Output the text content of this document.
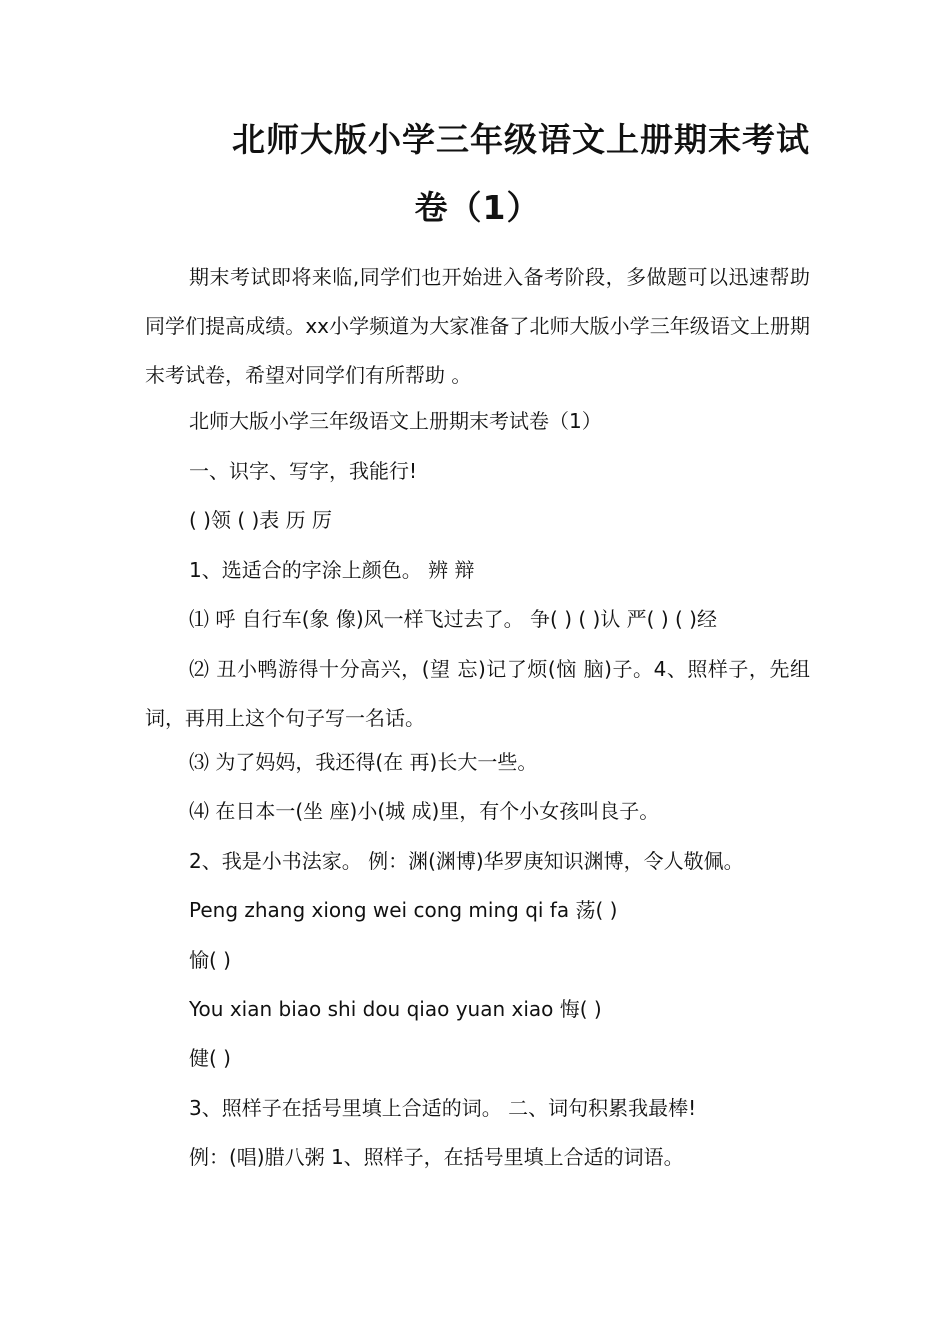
北师大版小学三年级语文上册期末考试
卷（1）

期末考试即将来临,同学们也开始进入备考阶段，多做题可以迅速帮助同学们提高成绩。xx小学频道为大家准备了北师大版小学三年级语文上册期末考试卷，希望对同学们有所帮助 。

北师大版小学三年级语文上册期末考试卷（1）

一、识字、写字，我能行!

( )领 ( )表 历 厉

1、选适合的字涂上颜色。 辨 辩

⑴ 呼 自行车(象 像)风一样飞过去了。 争( ) ( )认 严( ) ( )经

⑵ 丑小鸭游得十分高兴，(望 忘)记了烦(恼 脑)子。4、照样子，先组词，再用上这个句子写一名话。

⑶ 为了妈妈，我还得(在 再)长大一些。

⑷ 在日本一(坐 座)小(城 成)里，有个小女孩叫良子。

2、我是小书法家。 例：渊(渊博)华罗庚知识渊博，令人敬佩。

Peng zhang xiong wei cong ming qi fa 荡( )

愉( )

You xian biao shi dou qiao yuan xiao 悔( )

健( )

3、照样子在括号里填上合适的词。 二、词句积累我最棒!

例：(唱)腊八粥 1、照样子，在括号里填上合适的词语。
